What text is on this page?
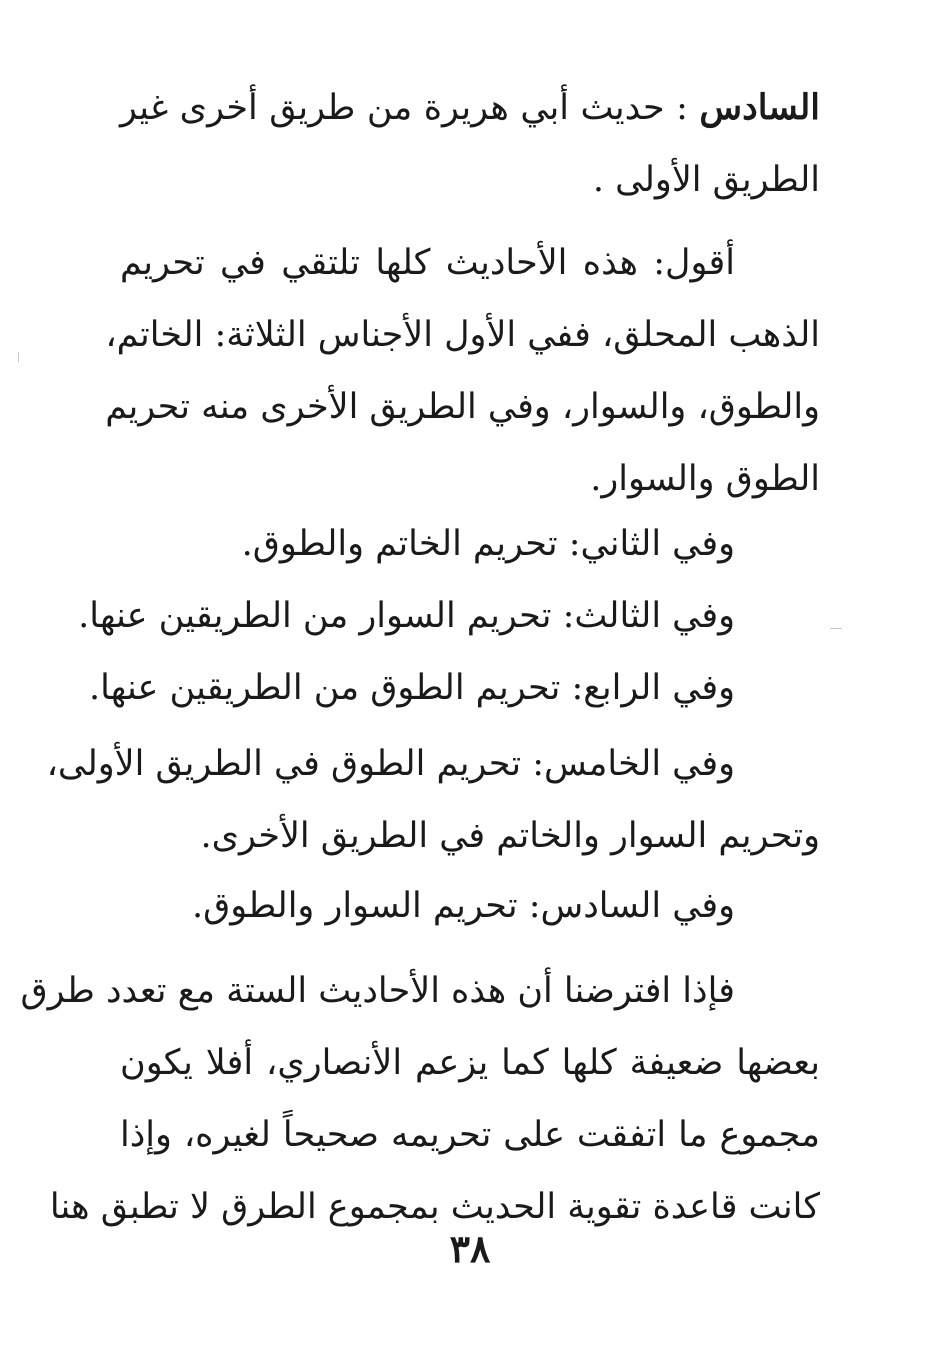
السادس : حديث أبي هريرة من طريق أخرى غير
الطريق الأولى .
أقول: هذه الأحاديث كلها تلتقي في تحريم
الذهب المحلق، ففي الأول الأجناس الثلاثة: الخاتم،
والطوق، والسوار، وفي الطريق الأخرى منه تحريم
الطوق والسوار.
وفي الثاني: تحريم الخاتم والطوق.
وفي الثالث: تحريم السوار من الطريقين عنها.
وفي الرابع: تحريم الطوق من الطريقين عنها.
وفي الخامس: تحريم الطوق في الطريق الأولى،
وتحريم السوار والخاتم في الطريق الأخرى.
وفي السادس: تحريم السوار والطوق.
فإذا افترضنا أن هذه الأحاديث الستة مع تعدد طرق
بعضها ضعيفة كلها كما يزعم الأنصاري، أفلا يكون
مجموع ما اتفقت على تحريمه صحيحاً لغيره، وإذا
كانت قاعدة تقوية الحديث بمجموع الطرق لا تطبق هنا
٣٨
